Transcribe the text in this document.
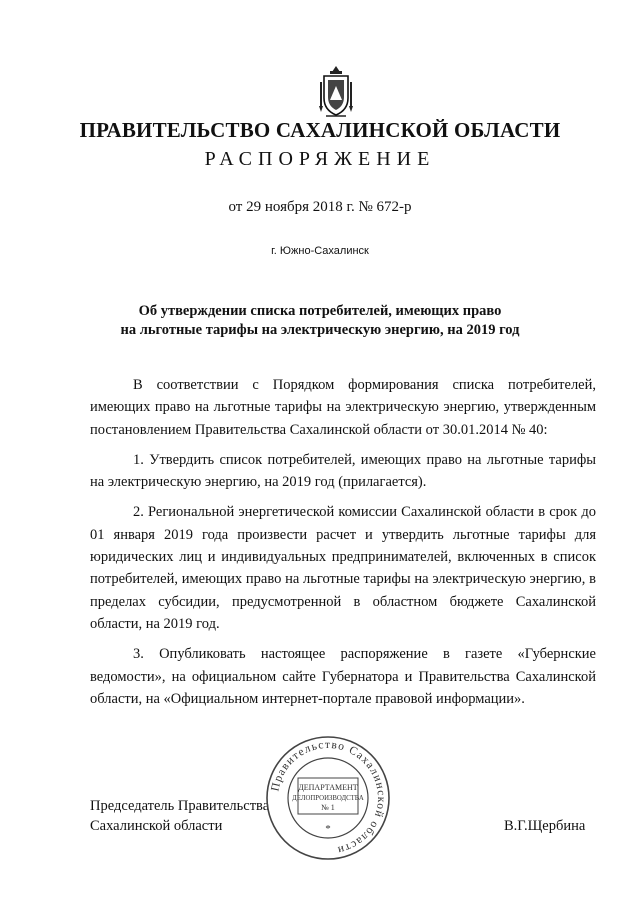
ПРАВИТЕЛЬСТВО САХАЛИНСКОЙ ОБЛАСТИ
РАСПОРЯЖЕНИЕ
от 29 ноября 2018 г. № 672-р
г. Южно-Сахалинск
Об утверждении списка потребителей, имеющих право
на льготные тарифы на электрическую энергию, на 2019 год

В соответствии с Порядком формирования списка потребителей, имеющих право на льготные тарифы на электрическую энергию, утвержденным постановлением Правительства Сахалинской области от 30.01.2014 № 40:

1. Утвердить список потребителей, имеющих право на льготные тарифы на электрическую энергию, на 2019 год (прилагается).

2. Региональной энергетической комиссии Сахалинской области в срок до 01 января 2019 года произвести расчет и утвердить льготные тарифы для юридических лиц и индивидуальных предпринимателей, включенных в список потребителей, имеющих право на льготные тарифы на электрическую энергию, в пределах субсидии, предусмотренной в областном бюджете Сахалинской области, на 2019 год.

3. Опубликовать настоящее распоряжение в газете «Губернские ведомости», на официальном сайте Губернатора и Правительства Сахалинской области, на «Официальном интернет-портале правовой информации».

Председатель Правительства
Сахалинской области	В.Г.Щербина
Правительство Сахалинской области
ДЕПАРТАМЕНТ
ДЕЛОПРОИЗВОДСТВА
№ 1
*
